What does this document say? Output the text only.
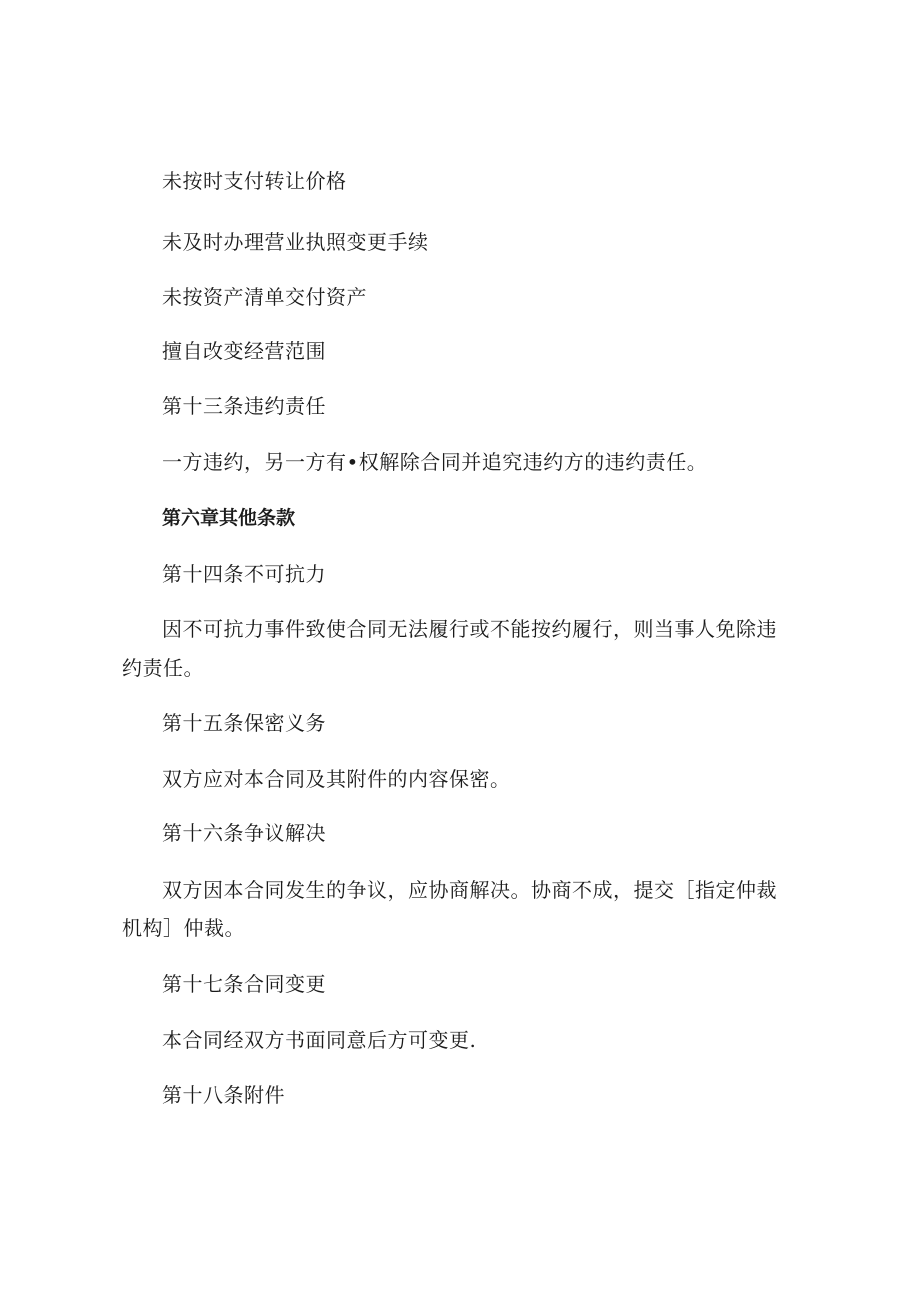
未按时支付转让价格
未及时办理营业执照变更手续
未按资产清单交付资产
擅自改变经营范围
第十三条违约责任
一方违约，另一方有•权解除合同并追究违约方的违约责任。
第六章其他条款
第十四条不可抗力
因不可抗力事件致使合同无法履行或不能按约履行，则当事人免除违
约责任。
第十五条保密义务
双方应对本合同及其附件的内容保密。
第十六条争议解决
双方因本合同发生的争议，应协商解决。协商不成，提交［指定仲裁
机构］仲裁。
第十七条合同变更
本合同经双方书面同意后方可变更.
第十八条附件
